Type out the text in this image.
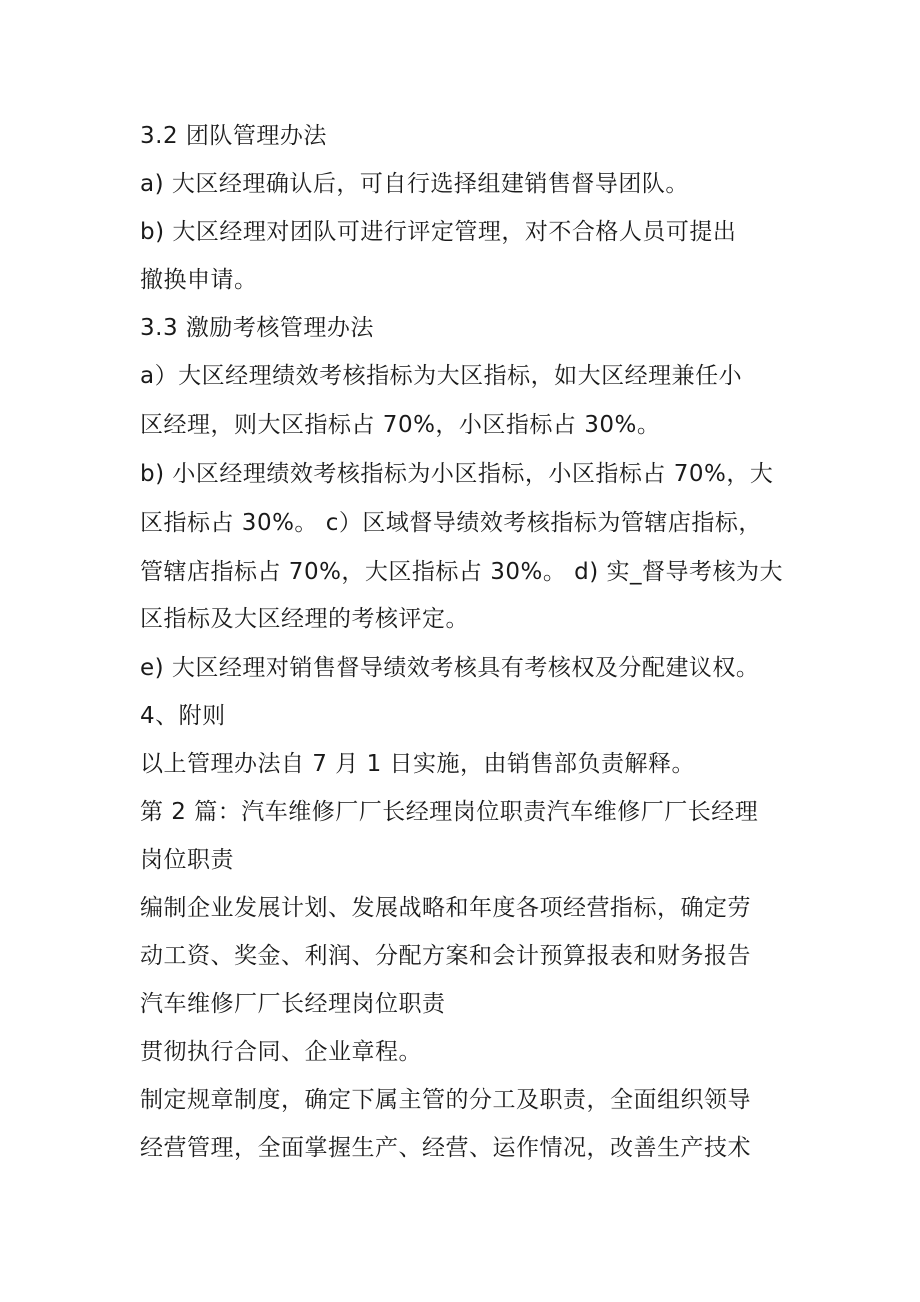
3.2 团队管理办法

a) 大区经理确认后，可自行选择组建销售督导团队。

b) 大区经理对团队可进行评定管理，对不合格人员可提出

撤换申请。

3.3 激励考核管理办法

a）大区经理绩效考核指标为大区指标，如大区经理兼任小

区经理，则大区指标占 70%，小区指标占 30%。

b) 小区经理绩效考核指标为小区指标，小区指标占 70%，大

区指标占 30%。 c）区域督导绩效考核指标为管辖店指标，

管辖店指标占 70%，大区指标占 30%。 d) 实_督导考核为大

区指标及大区经理的考核评定。

e) 大区经理对销售督导绩效考核具有考核权及分配建议权。

4、附则

以上管理办法自 7 月 1 日实施，由销售部负责解释。

第 2 篇：汽车维修厂厂长经理岗位职责汽车维修厂厂长经理

岗位职责

编制企业发展计划、发展战略和年度各项经营指标，确定劳

动工资、奖金、利润、分配方案和会计预算报表和财务报告

汽车维修厂厂长经理岗位职责

贯彻执行合同、企业章程。

制定规章制度，确定下属主管的分工及职责，全面组织领导

经营管理，全面掌握生产、经营、运作情况，改善生产技术
